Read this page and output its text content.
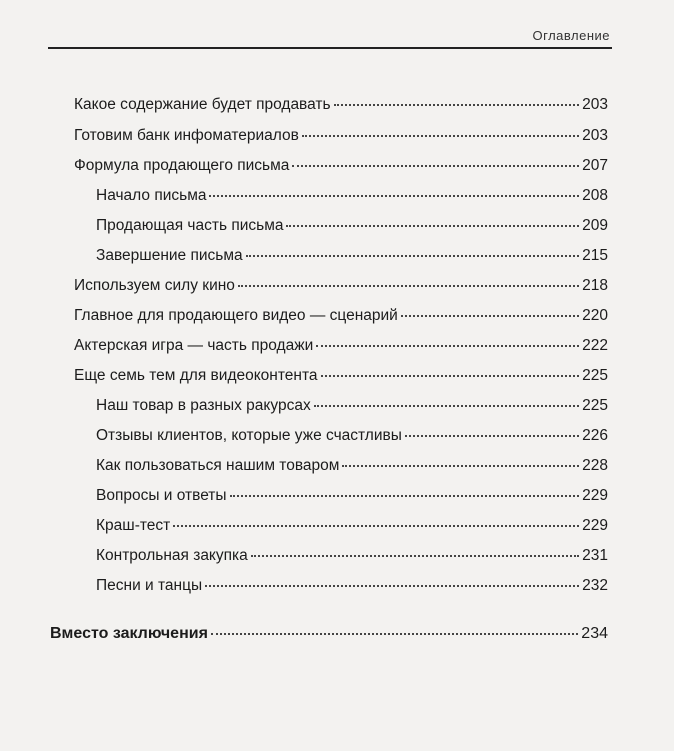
Оглавление
Какое содержание будет продавать	203
Готовим банк инфоматериалов	203
Формула продающего письма	207
Начало письма	208
Продающая часть письма	209
Завершение письма	215
Используем силу кино	218
Главное для продающего видео — сценарий	220
Актерская игра — часть продажи	222
Еще семь тем для видеоконтента	225
Наш товар в разных ракурсах	225
Отзывы клиентов, которые уже счастливы	226
Как пользоваться нашим товаром	228
Вопросы и ответы	229
Краш-тест	229
Контрольная закупка	231
Песни и танцы	232
Вместо заключения	234
